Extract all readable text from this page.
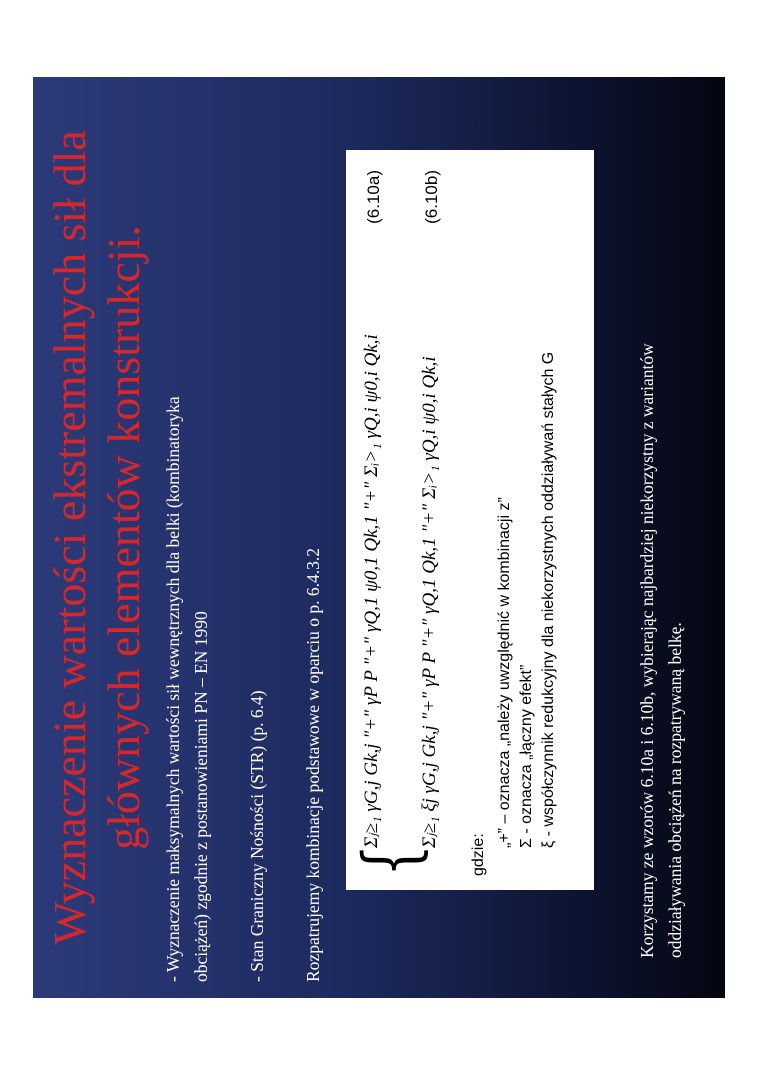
Wyznaczenie wartości ekstremalnych sił dla głównych elementów konstrukcji. - Wyznaczenie maksymalnych wartości sił wewnętrznych dla belki (kombinatoryka obciążeń) zgodnie z postanowieniami PN – EN 1990 - Stan Graniczny Nośności (STR) (p. 6.4) Rozpatrujemy kombinacje podstawowe w oparciu o p. 6.4.3.2 {
Σⱼ≥₁ γG,j Gk,j "+" γP P "+" γQ,1 ψ0,1 Qk,1 "+" Σᵢ>₁ γQ,i ψ0,i Qk,i
(6.10a)
Σⱼ≥₁ ξj γG,j Gk,j "+" γP P "+" γQ,1 Qk,1 "+" Σᵢ>₁ γQ,i ψ0,i Qk,i
(6.10b)
gdzie:
„+” – oznacza „należy uwzględnić w kombinacji z” Σ - oznacza „łączny efekt” ξ - współczynnik redukcyjny dla niekorzystnych oddziaływań stałych G	Korzystamy ze wzorów 6.10a i 6.10b, wybierając najbardziej niekorzystny z wariantów oddziaływania obciążeń na rozpatrywaną belkę.
